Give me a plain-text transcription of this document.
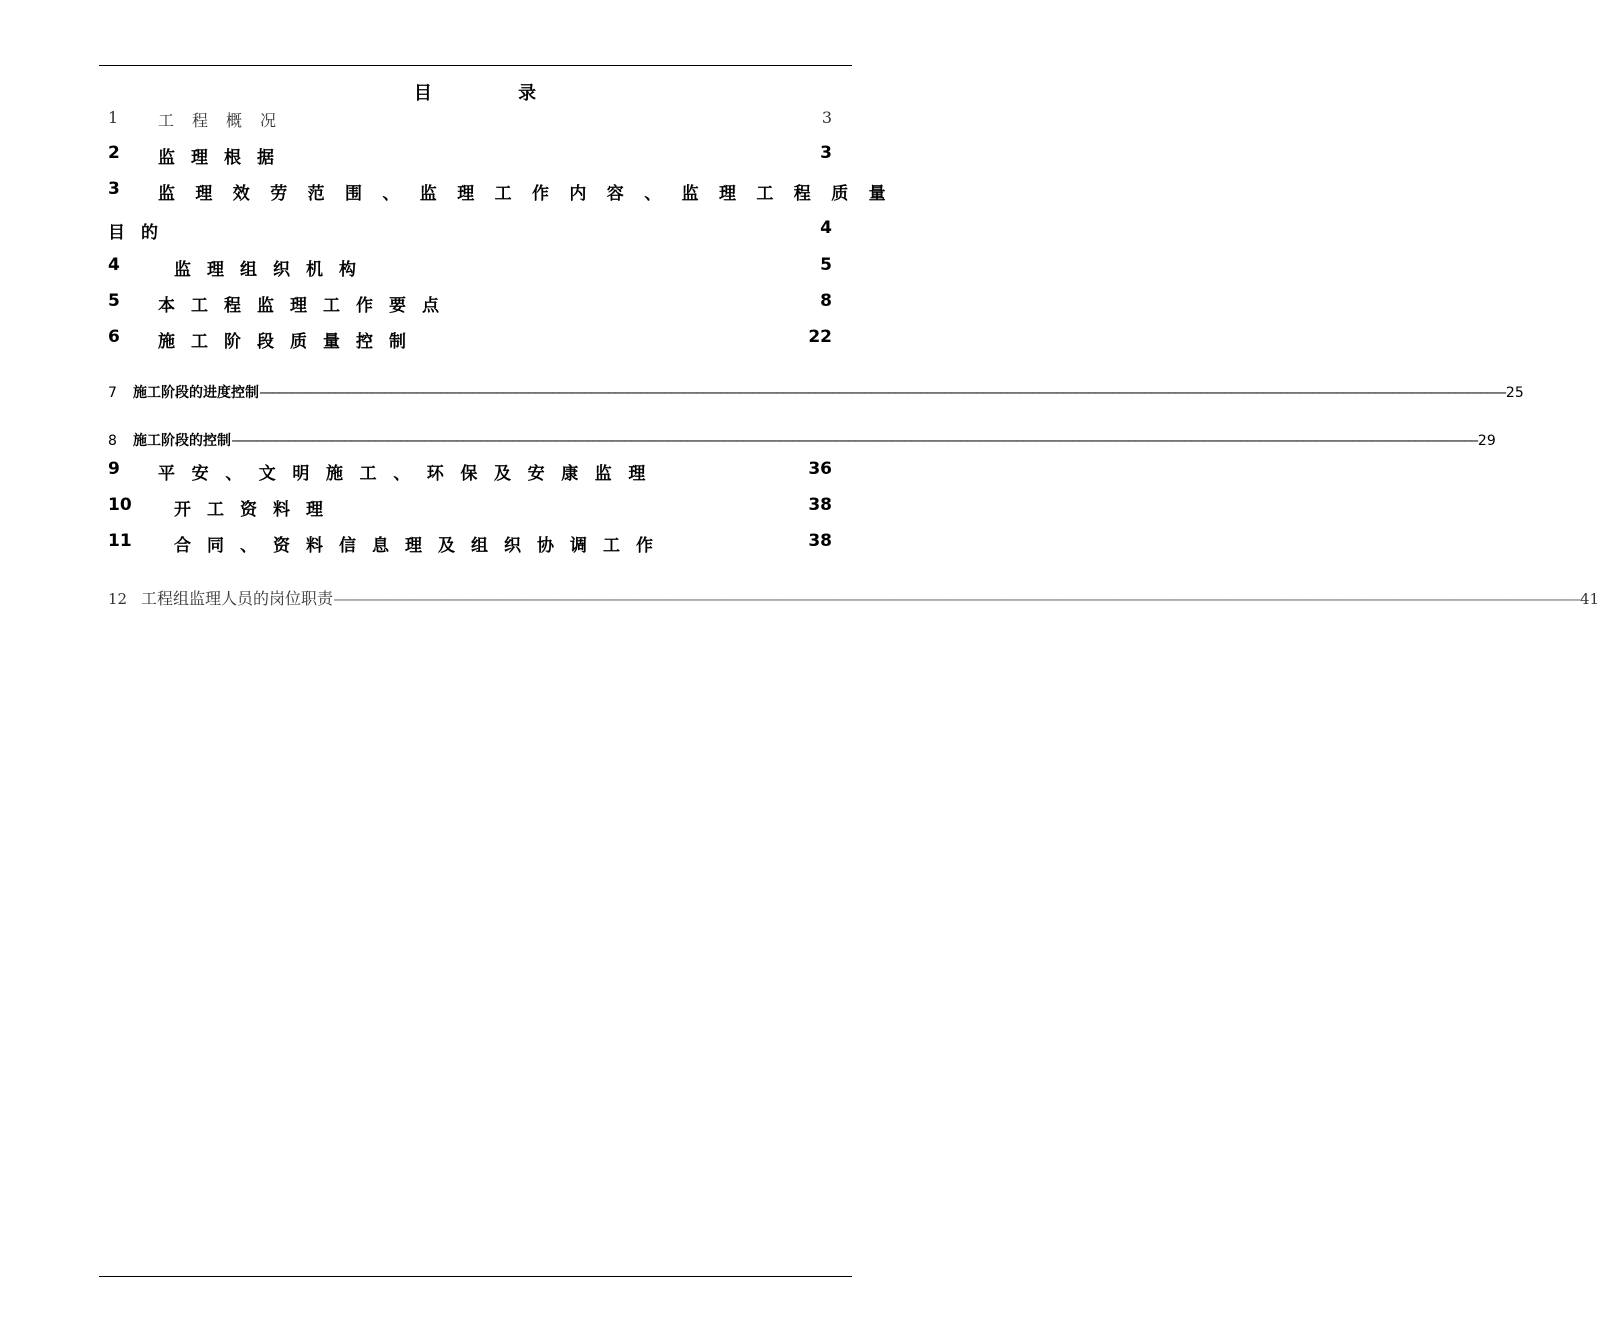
目 录
1 工程概况	3
2 监理根据	3
3 监理效劳范围、监理工作内容、监理工程质量
目的	4
4	监理组织机构	5
5 本工程监理工作要点	8
6 施工阶段质量控制	22
7	施工阶段的进度控制 ──────────────────────────────────────────────────────────────────────────────────────────────────────────────────────────────────────────────────────────────────────────────────────────────────────── 25
8	施工阶段的控制 ──────────────────────────────────────────────────────────────────────────────────────────────────────────────────────────────────────────────────────────────────────────────────────────────────────── 29
9 平安、文明施工、环保及安康监理	36
10 开工资料理	38
11 合同、资料信息理及组织协调工作	38
12 工程组监理人员的岗位职责 ──────────────────────────────────────────────────────────────────────────────────────────────────────────────────────────────────────────────────────────────────────────────────────────────────────── 41
